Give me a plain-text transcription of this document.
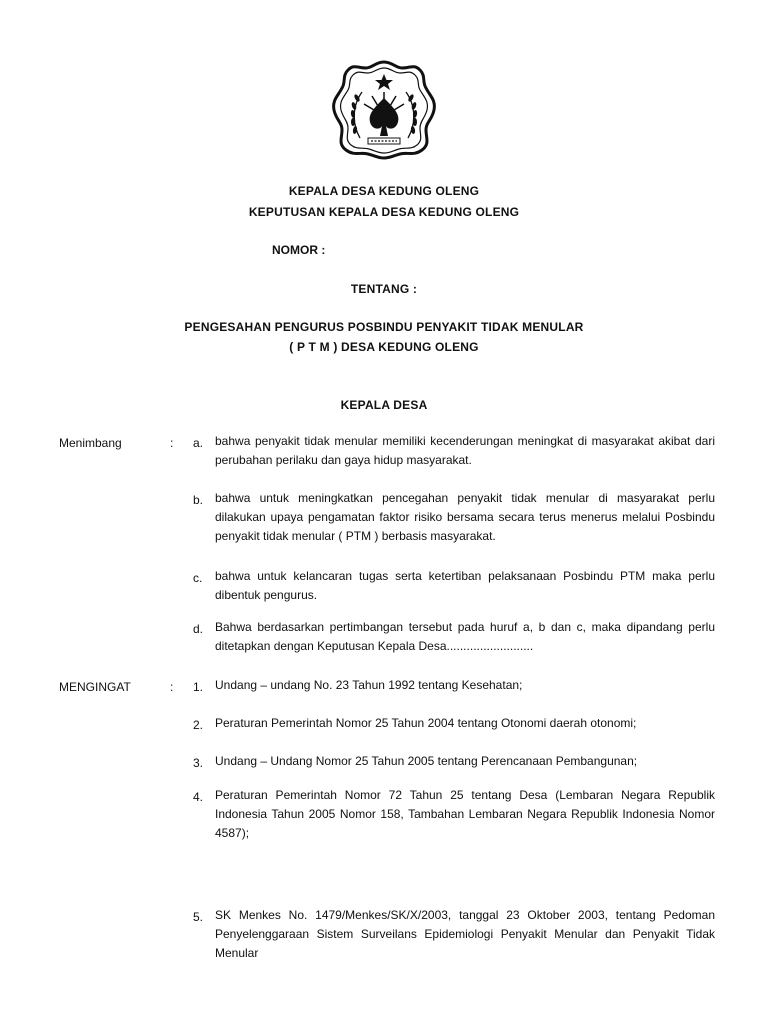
KEPALA DESA KEDUNG OLENG
KEPUTUSAN KEPALA DESA KEDUNG OLENG
NOMOR :
TENTANG :
PENGESAHAN PENGURUS POSBINDU PENYAKIT TIDAK MENULAR
( P T M ) DESA KEDUNG OLENG
KEPALA DESA
Menimbang	: a. bahwa penyakit tidak menular memiliki kecenderungan meningkat di masyarakat akibat dari perubahan perilaku dan gaya hidup masyarakat.
b. bahwa untuk meningkatkan pencegahan penyakit tidak menular di masyarakat perlu dilakukan upaya pengamatan faktor risiko bersama secara terus menerus melalui Posbindu penyakit tidak menular ( PTM ) berbasis masyarakat.
c. bahwa untuk kelancaran tugas serta ketertiban pelaksanaan Posbindu PTM maka perlu dibentuk pengurus.
d. Bahwa berdasarkan pertimbangan tersebut pada huruf a, b dan c, maka dipandang perlu ditetapkan dengan Keputusan Kepala Desa..........................
MENGINGAT	: 1. Undang – undang No. 23 Tahun 1992 tentang Kesehatan;
2. Peraturan Pemerintah Nomor 25 Tahun 2004 tentang Otonomi daerah otonomi;
3. Undang – Undang Nomor 25 Tahun 2005 tentang Perencanaan Pembangunan;
4. Peraturan Pemerintah Nomor 72 Tahun 25 tentang Desa (Lembaran Negara Republik Indonesia Tahun 2005 Nomor 158, Tambahan Lembaran Negara Republik Indonesia Nomor 4587);
5. SK Menkes No. 1479/Menkes/SK/X/2003, tanggal 23 Oktober 2003, tentang Pedoman Penyelenggaraan Sistem Surveilans Epidemiologi Penyakit Menular dan Penyakit Tidak Menular
